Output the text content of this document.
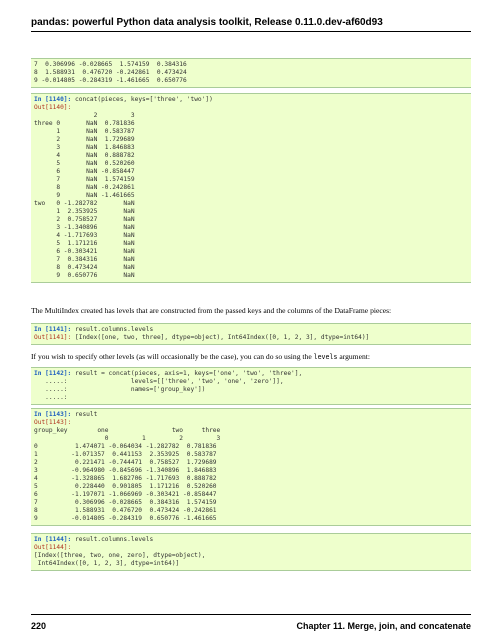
pandas: powerful Python data analysis toolkit, Release 0.11.0.dev-af60d93
7  0.306996 -0.028665  1.574159  0.384316
8  1.588931  0.476720 -0.242861  0.473424
9 -0.014805 -0.284319 -1.461665  0.650776
In [1140]: concat(pieces, keys=['three', 'two'])
Out[1140]:
2         3
three 0       NaN  0.781836
1       NaN  0.583787
2       NaN  1.729689
3       NaN  1.846883
4       NaN  0.888782
5       NaN  0.520260
6       NaN -0.858447
7       NaN  1.574159
8       NaN -0.242861
9       NaN -1.461665
two   0 -1.282782       NaN
1  2.353925       NaN
2  0.758527       NaN
3 -1.340896       NaN
4 -1.717693       NaN
5  1.171216       NaN
6 -0.303421       NaN
7  0.384316       NaN
8  0.473424       NaN
9  0.650776       NaN
The MultiIndex created has levels that are constructed from the passed keys and the columns of the DataFrame pieces:
In [1141]: result.columns.levels
Out[1141]: [Index([one, two, three], dtype=object), Int64Index([0, 1, 2, 3], dtype=int64)]
If you wish to specify other levels (as will occasionally be the case), you can do so using the levels argument:
In [1142]: result = concat(pieces, axis=1, keys=['one', 'two', 'three'],
.....:                 levels=[['three', 'two', 'one', 'zero']],
.....:                 names=['group_key'])
.....:
In [1143]: result
Out[1143]:
group_key        one                 two     three
0         1         2         3
0          1.474071 -0.064034 -1.282782  0.781836
1         -1.071357  0.441153  2.353925  0.583787
2          0.221471 -0.744471  0.758527  1.729689
3         -0.964980 -0.845696 -1.340896  1.846883
4         -1.328865  1.682706 -1.717693  0.888782
5          0.228440  0.901805  1.171216  0.520260
6         -1.197071 -1.066969 -0.303421 -0.858447
7          0.306996 -0.028665  0.384316  1.574159
8          1.588931  0.476720  0.473424 -0.242861
9         -0.014805 -0.284319  0.650776 -1.461665
In [1144]: result.columns.levels
Out[1144]:
[Index([three, two, one, zero], dtype=object),
Int64Index([0, 1, 2, 3], dtype=int64)]
220	Chapter 11. Merge, join, and concatenate
